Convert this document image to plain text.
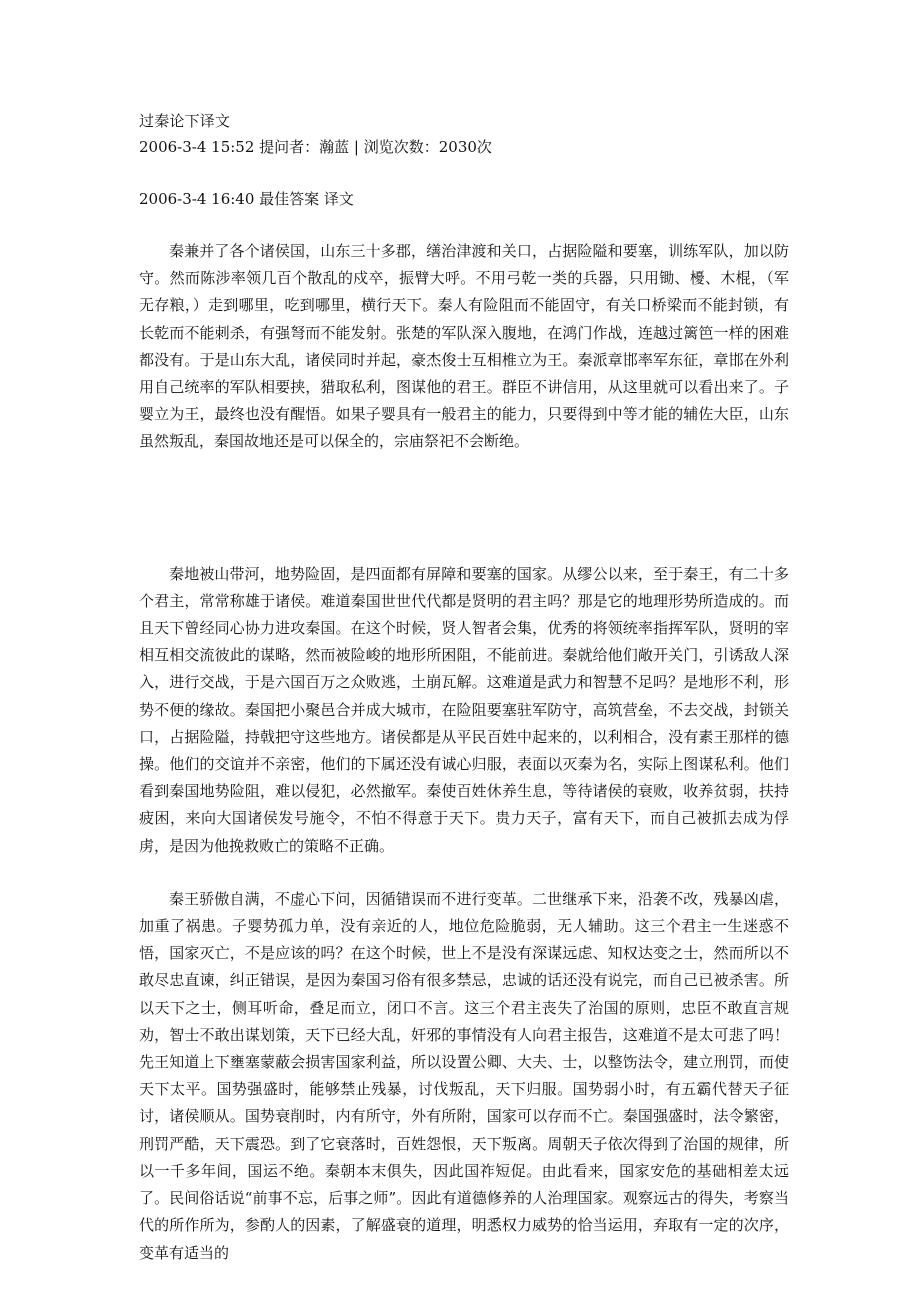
过秦论下译文
2006-3-4 15:52 提问者：瀚蓝 | 浏览次数：2030次
2006-3-4 16:40 最佳答案 译文

秦兼并了各个诸侯国，山东三十多郡，缮治津渡和关口，占据险隘和要塞，训练军队，加以防守。然而陈涉率领几百个散乱的戍卒，振臂大呼。不用弓乾一类的兵器，只用锄、櫌、木棍，（军无存粮，）走到哪里，吃到哪里，横行天下。秦人有险阻而不能固守，有关口桥梁而不能封锁，有长乾而不能刺杀，有强弩而不能发射。张楚的军队深入腹地，在鸿门作战，连越过篱笆一样的困难都没有。于是山东大乱，诸侯同时并起，豪杰俊士互相椎立为王。秦派章邯率军东征，章邯在外利用自己统率的军队相要挟，猎取私利，图谋他的君王。群臣不讲信用，从这里就可以看出来了。子婴立为王，最终也没有醒悟。如果子婴具有一般君主的能力，只要得到中等才能的辅佐大臣，山东虽然叛乱，秦国故地还是可以保全的，宗庙祭祀不会断绝。

秦地被山带河，地势险固，是四面都有屏障和要塞的国家。从缪公以来，至于秦王，有二十多个君主，常常称雄于诸侯。难道秦国世世代代都是贤明的君主吗？那是它的地理形势所造成的。而且天下曾经同心协力进攻秦国。在这个时候，贤人智者会集，优秀的将领统率指挥军队，贤明的宰相互相交流彼此的谋略，然而被险峻的地形所困阻，不能前进。秦就给他们敞开关门，引诱敌人深入，进行交战，于是六国百万之众败逃，土崩瓦解。这难道是武力和智慧不足吗？是地形不利，形势不便的缘故。秦国把小聚邑合并成大城市，在险阻要塞驻军防守，高筑营垒，不去交战，封锁关口，占据险隘，持戟把守这些地方。诸侯都是从平民百姓中起来的，以利相合，没有素王那样的德操。他们的交谊并不亲密，他们的下属还没有诚心归服，表面以灭秦为名，实际上图谋私利。他们看到秦国地势险阻，难以侵犯，必然撤军。秦使百姓休养生息，等待诸侯的衰败，收养贫弱，扶持疲困，来向大国诸侯发号施令，不怕不得意于天下。贵力天子，富有天下，而自己被抓去成为俘虏，是因为他挽救败亡的策略不正确。

秦王骄傲自满，不虚心下问，因循错误而不进行变革。二世继承下来，沿袭不改，残暴凶虐，加重了祸患。子婴势孤力单，没有亲近的人，地位危险脆弱，无人辅助。这三个君主一生迷惑不悟，国家灭亡，不是应该的吗？在这个时候，世上不是没有深谋远虑、知权达变之士，然而所以不敢尽忠直谏，纠正错误，是因为秦国习俗有很多禁忌，忠诚的话还没有说完，而自己已被杀害。所以天下之士，侧耳听命，叠足而立，闭口不言。这三个君主丧失了治国的原则，忠臣不敢直言规劝，智士不敢出谋划策，天下已经大乱，奸邪的事情没有人向君主报告，这难道不是太可悲了吗！先王知道上下壅塞蒙蔽会损害国家利益，所以设置公卿、大夫、士，以整饬法令，建立刑罚，而使天下太平。国势强盛时，能够禁止残暴，讨伐叛乱，天下归服。国势弱小时，有五霸代替天子征讨，诸侯顺从。国势衰削时，内有所守，外有所附，国家可以存而不亡。秦国强盛时，法令繁密，刑罚严酷，天下震恐。到了它衰落时，百姓怨恨，天下叛离。周朝天子依次得到了治国的规律，所以一千多年间，国运不绝。秦朝本末俱失，因此国祚短促。由此看来，国家安危的基础相差太远了。民间俗话说“前事不忘，后事之师”。因此有道德修养的人治理国家。观察远古的得失，考察当代的所作所为，参酌人的因素，了解盛衰的道理，明悉权力威势的恰当运用，弃取有一定的次序，变革有适当的
